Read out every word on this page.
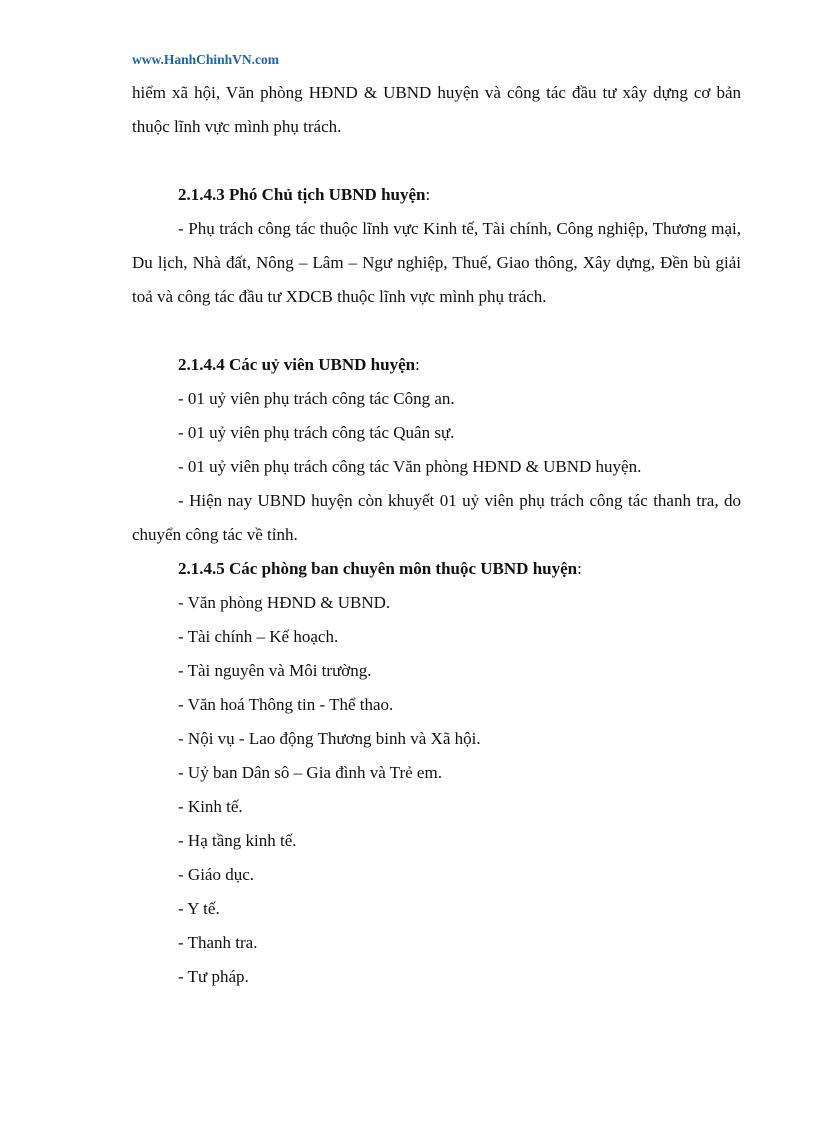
www.HanhChinhVN.com

hiểm xã hội, Văn phòng HĐND & UBND huyện và công tác đầu tư xây dựng cơ bản thuộc lĩnh vực mình phụ trách.

2.1.4.3 Phó Chủ tịch UBND huyện:

- Phụ trách công tác thuộc lĩnh vực Kinh tế, Tài chính, Công nghiệp, Thương mại, Du lịch, Nhà đất, Nông – Lâm – Ngư nghiệp, Thuế, Giao thông, Xây dựng, Đền bù giải toả và công tác đầu tư XDCB thuộc lĩnh vực mình phụ trách.

2.1.4.4 Các uỷ viên UBND huyện:

- 01 uỷ viên phụ trách công tác Công an.

- 01 uỷ viên phụ trách công tác Quân sự.

- 01 uỷ viên phụ trách công tác Văn phòng HĐND & UBND huyện.

- Hiện nay UBND huyện còn khuyết 01 uỷ viên phụ trách công tác thanh tra, do chuyển công tác về tỉnh.

2.1.4.5 Các phòng ban chuyên môn thuộc UBND huyện:

- Văn phòng HĐND & UBND.

- Tài chính – Kế hoạch.

- Tài nguyên và Môi trường.

- Văn hoá Thông tin - Thể thao.

- Nội vụ - Lao động Thương binh và Xã hội.

- Uỷ ban Dân sô – Gia đình và Trẻ em.

- Kinh tế.

- Hạ tầng kinh tế.

- Giáo dục.

- Y tế.

- Thanh tra.

- Tư pháp.
